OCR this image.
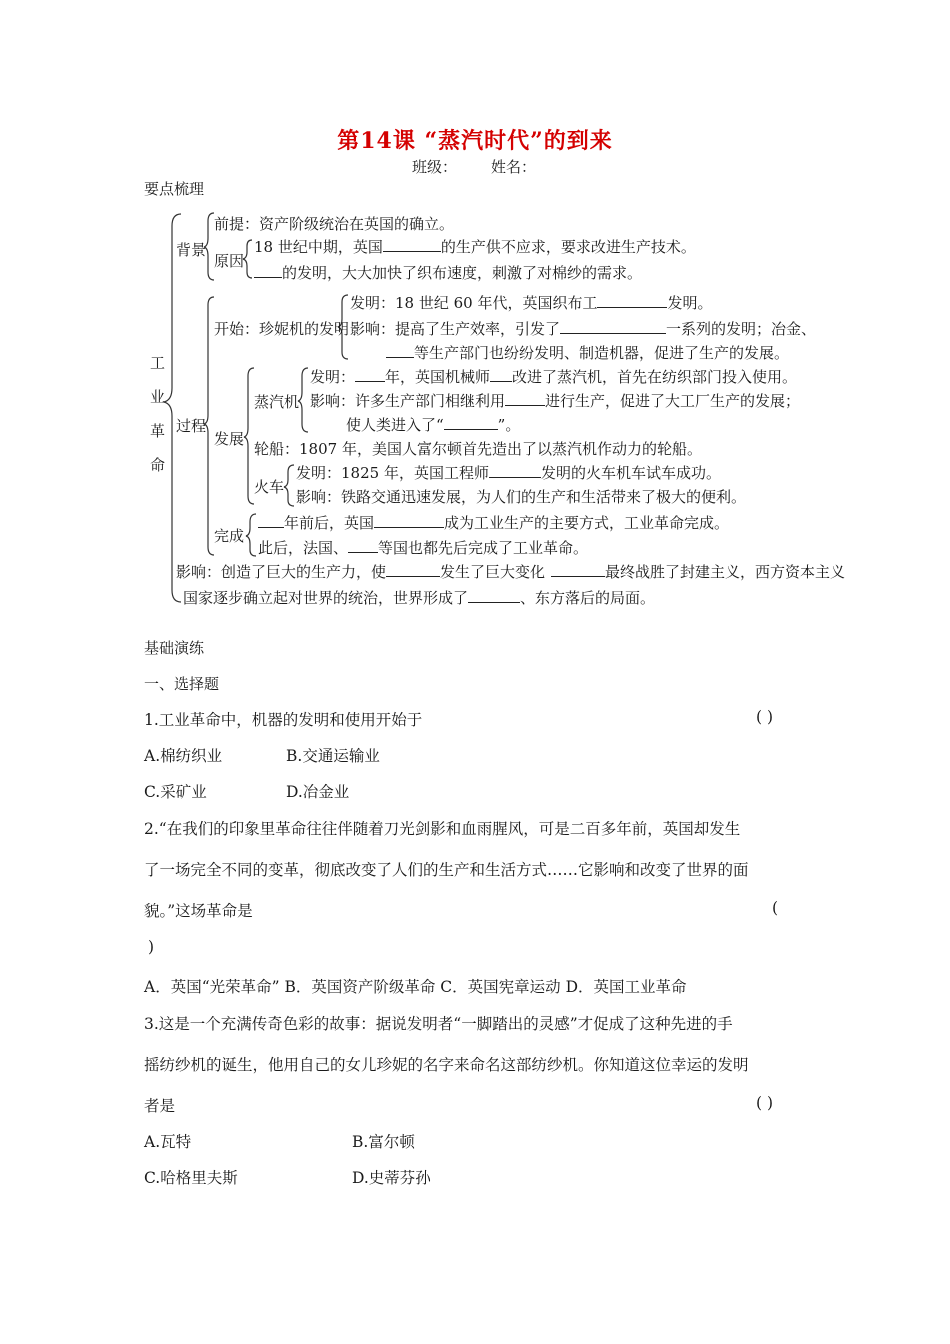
第14课 “蒸汽时代”的到来
班级： 姓名：
要点梳理
工
业
革
命
背景
前提：资产阶级统治在英国的确立。
原因
18 世纪中期，英国	的生产供不应求，要求改进生产技术。
的发明，大大加快了织布速度，刺激了对棉纱的需求。
过程
开始：珍妮机的发明
发明：18 世纪 60 年代，英国织布工	发明。
影响：提高了生产效率，引发了	一系列的发明；冶金、
等生产部门也纷纷发明、制造机器，促进了生产的发展。
发展
蒸汽机
发明： 年，英国机械师 改进了蒸汽机，首先在纺织部门投入使用。
影响：许多生产部门相继利用	进行生产，促进了大工厂生产的发展；
使人类进入了“	”。
轮船：1807 年，美国人富尔顿首先造出了以蒸汽机作动力的轮船。
火车
发明：1825 年，英国工程师	发明的火车机车试车成功。
影响：铁路交通迅速发展，为人们的生产和生活带来了极大的便利。
完成
年前后，英国	成为工业生产的主要方式，工业革命完成。
此后，法国、 等国也都先后完成了工业革命。
影响：创造了巨大的生产力，使	发生了巨大变化	最终战胜了封建主义，西方资本主义
国家逐步确立起对世界的统治，世界形成了	、东方落后的局面。
基础演练
一、选择题
1.工业革命中，机器的发明和使用开始于	( )
A.棉纺织业	B.交通运输业
C.采矿业	D.冶金业
2.“在我们的印象里革命往往伴随着刀光剑影和血雨腥风，可是二百多年前，英国却发生
了一场完全不同的变革，彻底改变了人们的生产和生活方式……它影响和改变了世界的面
貌。”这场革命是	(
)
A．英国“光荣革命” B．英国资产阶级革命 C．英国宪章运动 D．英国工业革命
3.这是一个充满传奇色彩的故事：据说发明者“一脚踏出的灵感”才促成了这种先进的手
摇纺纱机的诞生，他用自己的女儿珍妮的名字来命名这部纺纱机。你知道这位幸运的发明
者是	( )
A.瓦特	B.富尔顿
C.哈格里夫斯	D.史蒂芬孙
